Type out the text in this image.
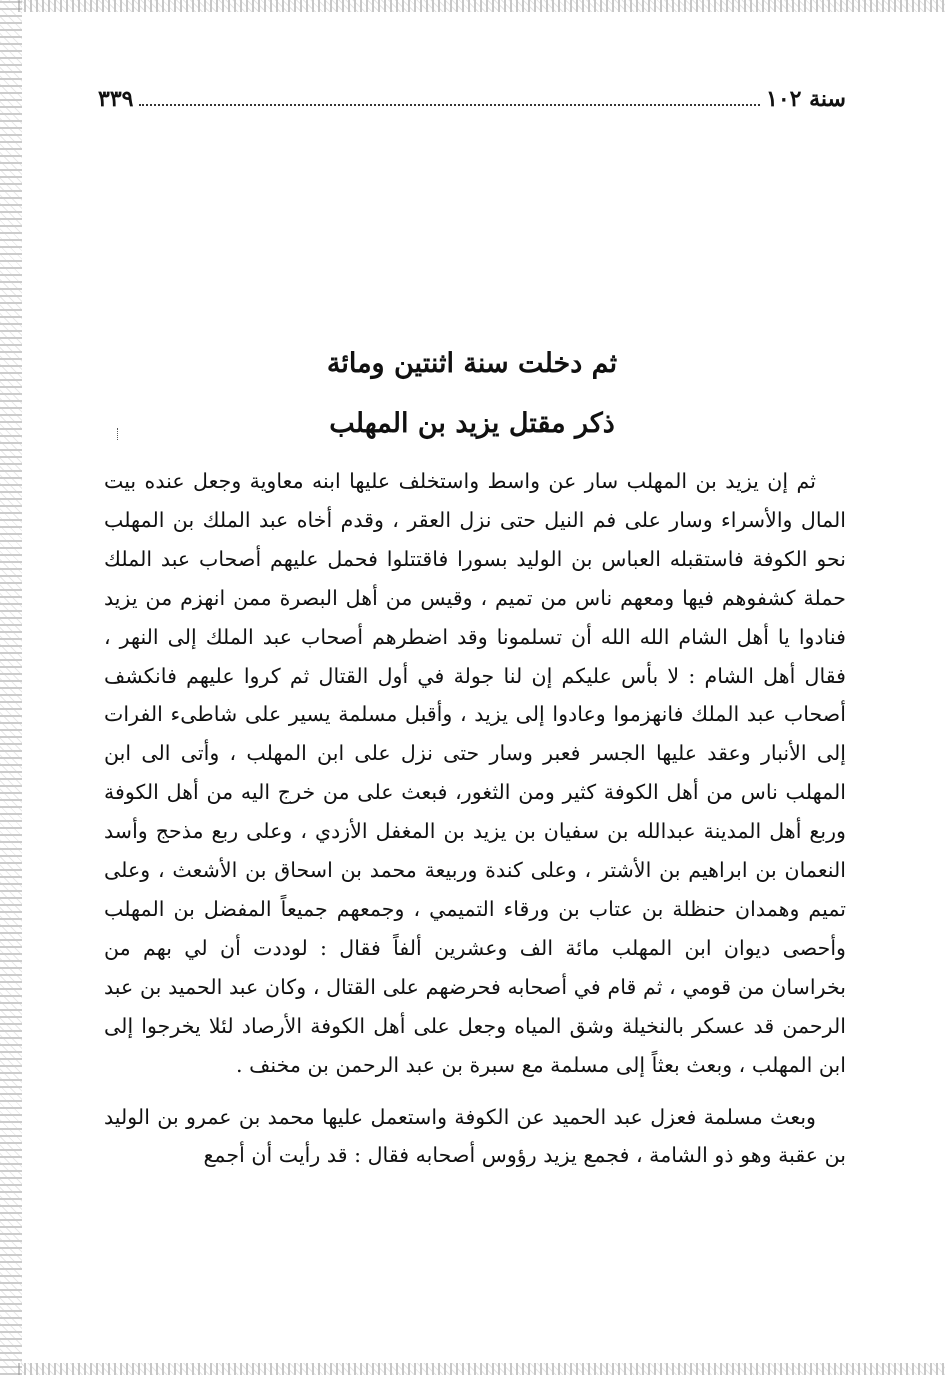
سنة ١٠٢
٣٣٩
ثم دخلت سنة اثنتين ومائة
ذكر مقتل يزيد بن المهلب

ثم إن يزيد بن المهلب سار عن واسط واستخلف عليها ابنه معاوية وجعل عنده بيت المال والأسراء وسار على فم النيل حتى نزل العقر ، وقدم أخاه عبد الملك بن المهلب نحو الكوفة فاستقبله العباس بن الوليد بسورا فاقتتلوا فحمل عليهم أصحاب عبد الملك حملة كشفوهم فيها ومعهم ناس من تميم ، وقيس من أهل البصرة ممن انهزم من يزيد فنادوا يا أهل الشام الله الله أن تسلمونا وقد اضطرهم أصحاب عبد الملك إلى النهر ، فقال أهل الشام : لا بأس عليكم إن لنا جولة في أول القتال ثم كروا عليهم فانكشف أصحاب عبد الملك فانهزموا وعادوا إلى يزيد ، وأقبل مسلمة يسير على شاطىء الفرات إلى الأنبار وعقد عليها الجسر فعبر وسار حتى نزل على ابن المهلب ، وأتى الى ابن المهلب ناس من أهل الكوفة كثير ومن الثغور، فبعث على من خرج اليه من أهل الكوفة وربع أهل المدينة عبدالله بن سفيان بن يزيد بن المغفل الأزدي ، وعلى ربع مذحج وأسد النعمان بن ابراهيم بن الأشتر ، وعلى كندة وربيعة محمد بن اسحاق بن الأشعث ، وعلى تميم وهمدان حنظلة بن عتاب بن ورقاء التميمي ، وجمعهم جميعاً المفضل بن المهلب وأحصى ديوان ابن المهلب مائة الف وعشرين ألفاً فقال : لوددت أن لي بهم من بخراسان من قومي ، ثم قام في أصحابه فحرضهم على القتال ، وكان عبد الحميد بن عبد الرحمن قد عسكر بالنخيلة وشق المياه وجعل على أهل الكوفة الأرصاد لئلا يخرجوا إلى ابن المهلب ، وبعث بعثاً إلى مسلمة مع سبرة بن عبد الرحمن بن مخنف .

وبعث مسلمة فعزل عبد الحميد عن الكوفة واستعمل عليها محمد بن عمرو بن الوليد بن عقبة وهو ذو الشامة ، فجمع يزيد رؤوس أصحابه فقال : قد رأيت أن أجمع
